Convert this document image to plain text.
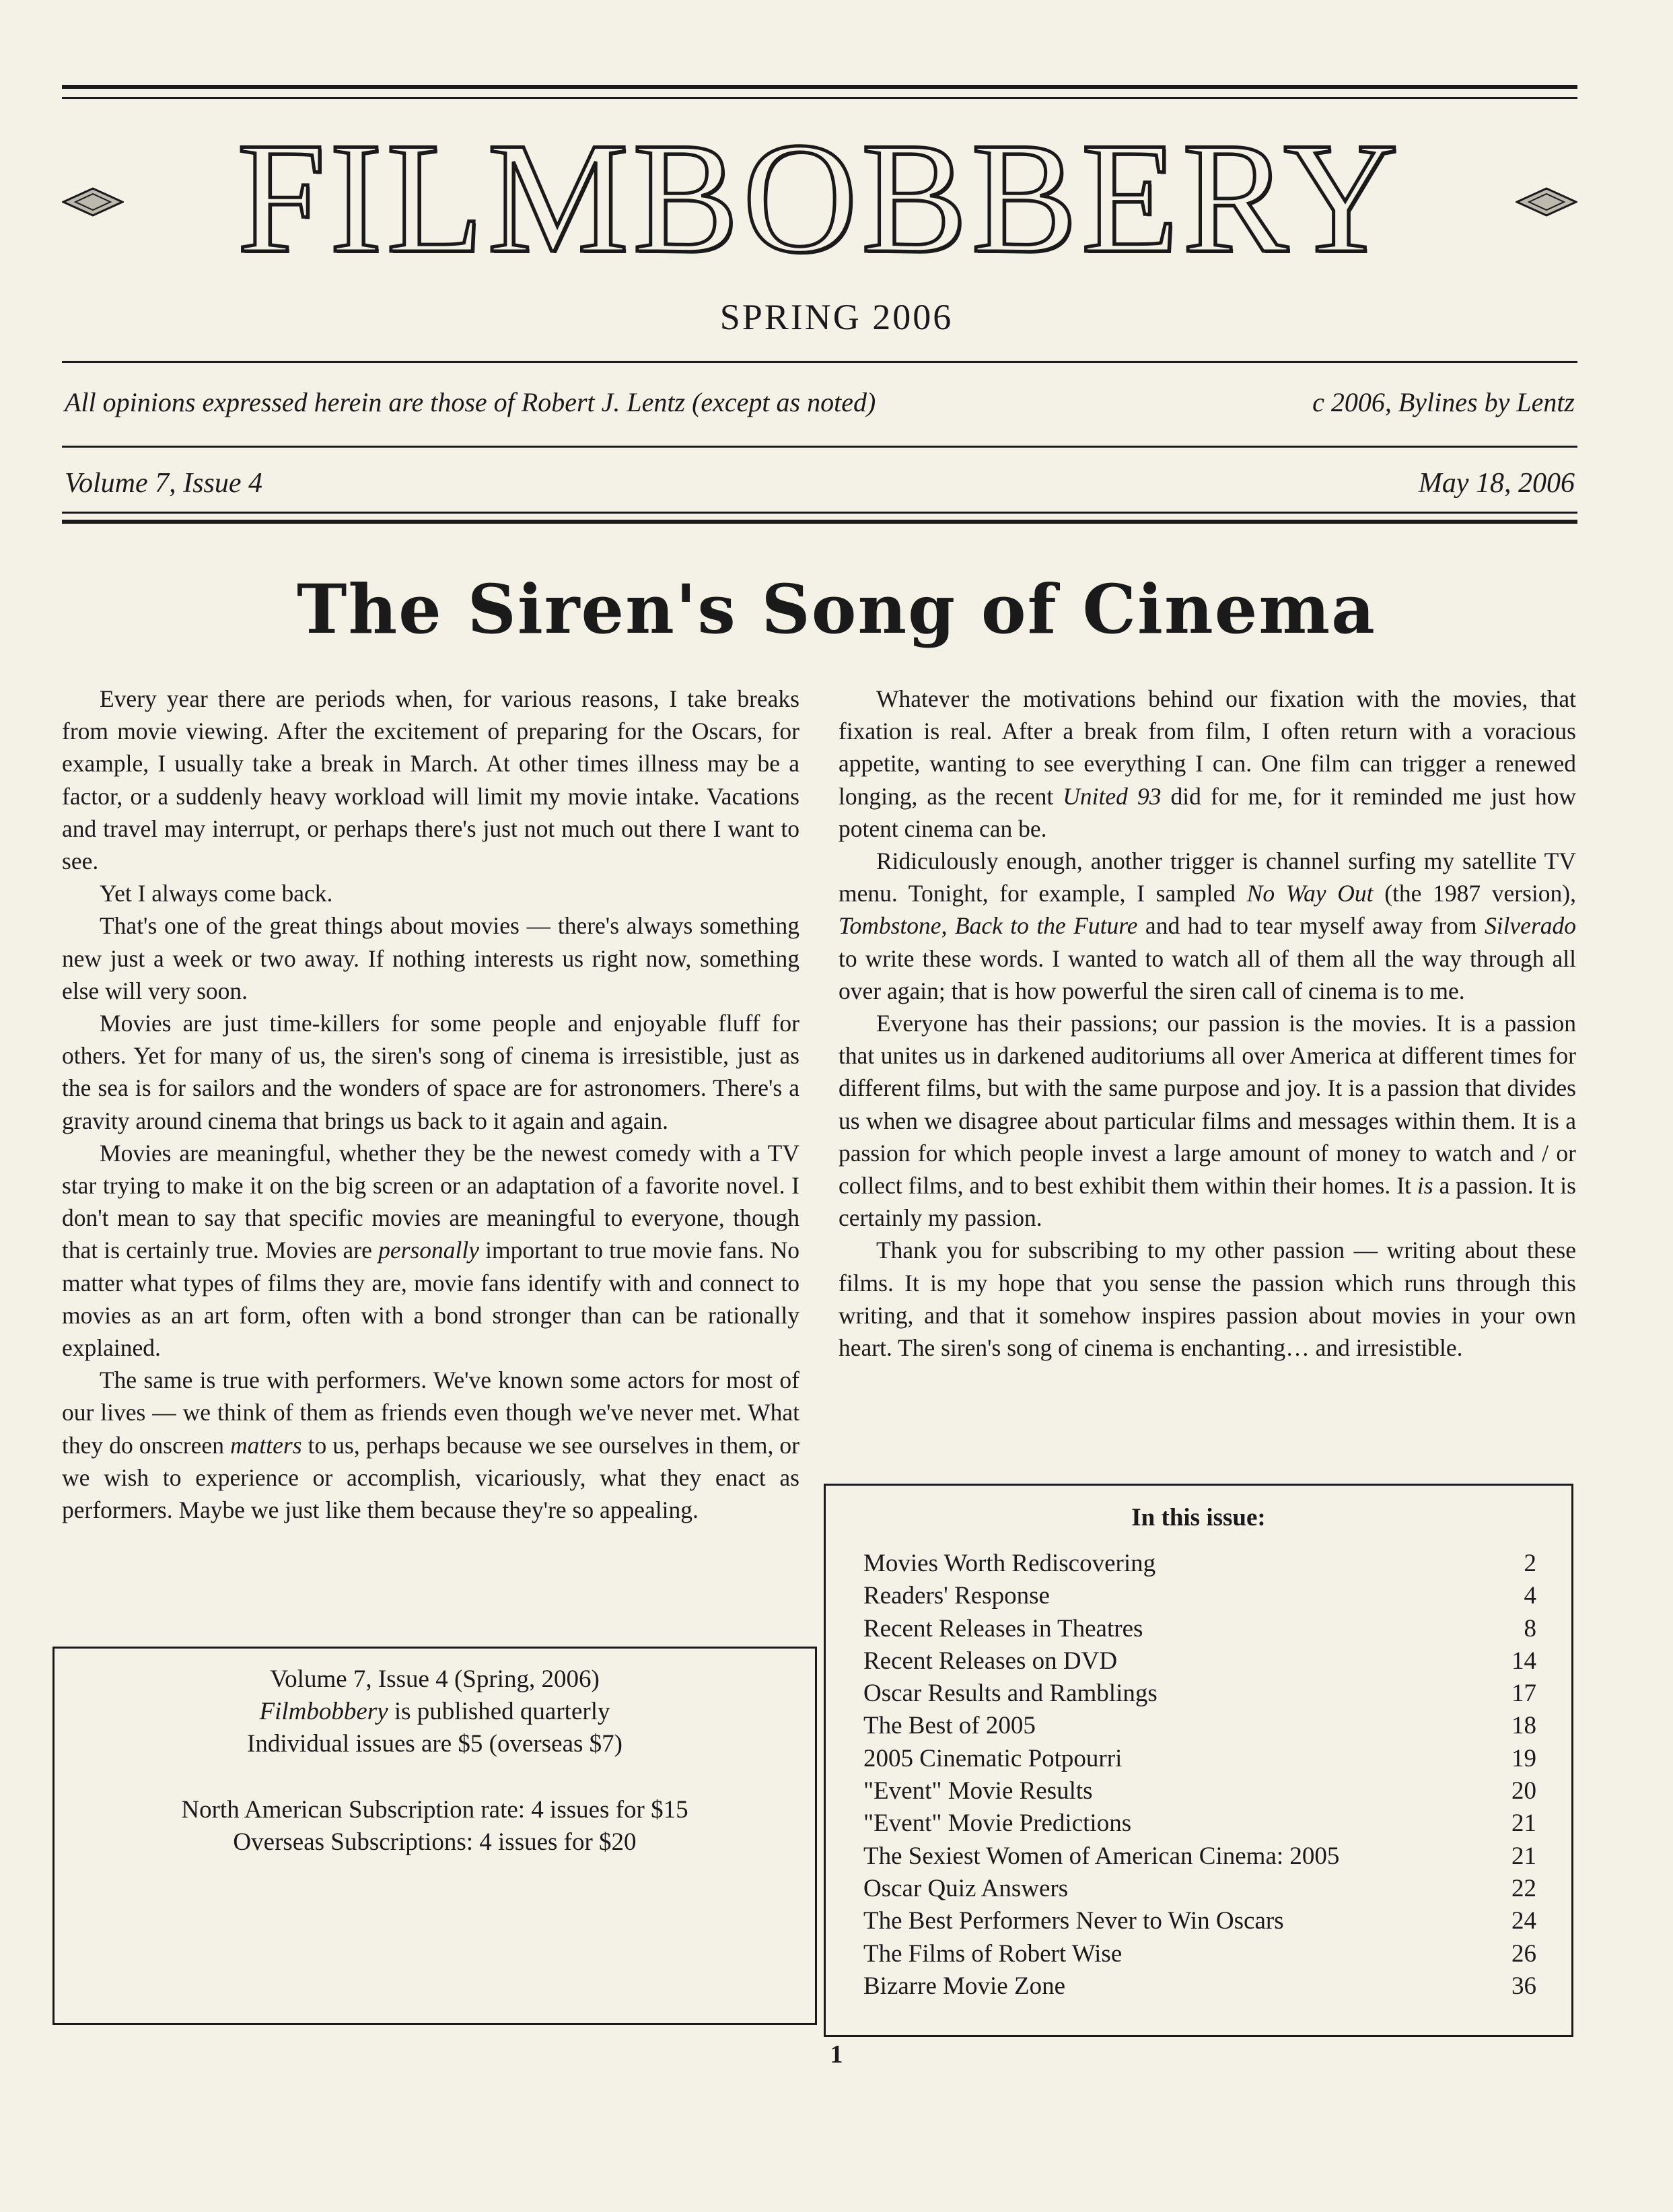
FILMBOBBERY
SPRING 2006
All opinions expressed herein are those of Robert J. Lentz (except as noted)	c 2006, Bylines by Lentz
Volume 7, Issue 4	May 18, 2006
The Siren's Song of Cinema

Every year there are periods when, for various reasons, I take breaks from movie viewing. After the excitement of preparing for the Oscars, for example, I usually take a break in March. At other times illness may be a factor, or a suddenly heavy workload will limit my movie intake. Vacations and travel may interrupt, or perhaps there's just not much out there I want to see.

Yet I always come back.

That's one of the great things about movies — there's always something new just a week or two away. If nothing interests us right now, something else will very soon.

Movies are just time-killers for some people and enjoyable fluff for others. Yet for many of us, the siren's song of cinema is irresistible, just as the sea is for sailors and the wonders of space are for astronomers. There's a gravity around cinema that brings us back to it again and again.

Movies are meaningful, whether they be the newest comedy with a TV star trying to make it on the big screen or an adaptation of a favorite novel. I don't mean to say that specific movies are meaningful to everyone, though that is certainly true. Movies are personally important to true movie fans. No matter what types of films they are, movie fans identify with and connect to movies as an art form, often with a bond stronger than can be rationally explained.

The same is true with performers. We've known some actors for most of our lives — we think of them as friends even though we've never met. What they do onscreen matters to us, perhaps because we see ourselves in them, or we wish to experience or accomplish, vicariously, what they enact as performers. Maybe we just like them because they're so appealing.

Whatever the motivations behind our fixation with the movies, that fixation is real. After a break from film, I often return with a voracious appetite, wanting to see everything I can. One film can trigger a renewed longing, as the recent United 93 did for me, for it reminded me just how potent cinema can be.

Ridiculously enough, another trigger is channel surfing my satellite TV menu. Tonight, for example, I sampled No Way Out (the 1987 version), Tombstone, Back to the Future and had to tear myself away from Silverado to write these words. I wanted to watch all of them all the way through all over again; that is how powerful the siren call of cinema is to me.

Everyone has their passions; our passion is the movies. It is a passion that unites us in darkened auditoriums all over America at different times for different films, but with the same purpose and joy. It is a passion that divides us when we disagree about particular films and messages within them. It is a passion for which people invest a large amount of money to watch and / or collect films, and to best exhibit them within their homes. It is a passion. It is certainly my passion.

Thank you for subscribing to my other passion — writing about these films. It is my hope that you sense the passion which runs through this writing, and that it somehow inspires passion about movies in your own heart. The siren's song of cinema is enchanting… and irresistible.

Volume 7, Issue 4 (Spring, 2006)
Filmbobbery is published quarterly
Individual issues are $5 (overseas $7)
North American Subscription rate: 4 issues for $15
Overseas Subscriptions: 4 issues for $20
In this issue:
Movies Worth Rediscovering	2
Readers' Response	4
Recent Releases in Theatres	8
Recent Releases on DVD	14
Oscar Results and Ramblings	17
The Best of 2005	18
2005 Cinematic Potpourri	19
"Event" Movie Results	20
"Event" Movie Predictions	21
The Sexiest Women of American Cinema: 2005	21
Oscar Quiz Answers	22
The Best Performers Never to Win Oscars	24
The Films of Robert Wise	26
Bizarre Movie Zone	36
1
